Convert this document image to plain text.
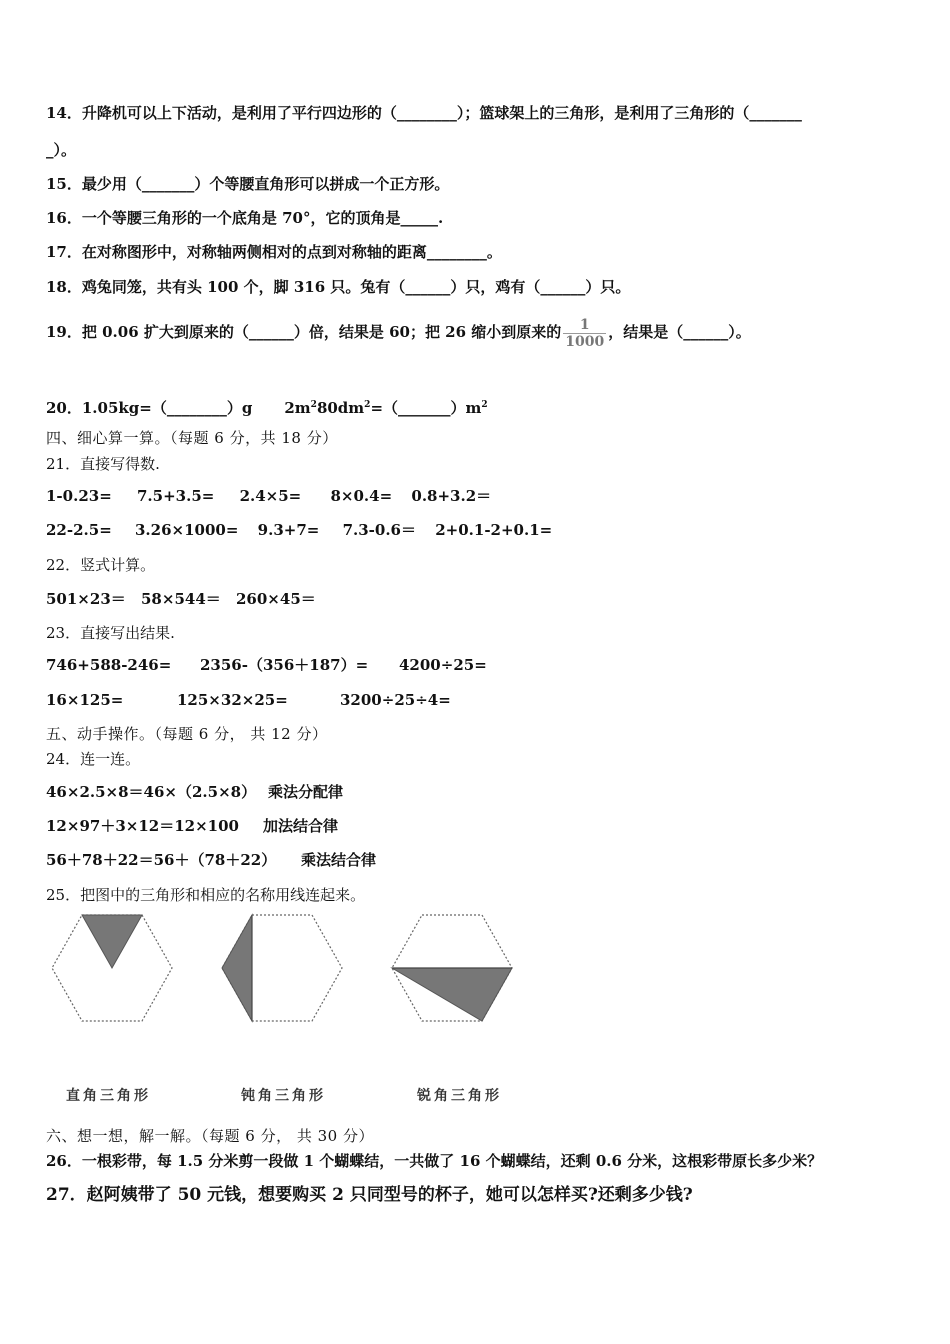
14．升降机可以上下活动，是利用了平行四边形的（________）；篮球架上的三角形，是利用了三角形的（_______
_）。
15．最少用（_______）个等腰直角形可以拼成一个正方形。
16．一个等腰三角形的一个底角是 70°，它的顶角是_____.
17．在对称图形中，对称轴两侧相对的点到对称轴的距离________。
18．鸡兔同笼，共有头 100 个，脚 316 只。兔有（______）只，鸡有（______）只。
19．把 0.06 扩大到原来的（______）倍，结果是 60；把 26 缩小到原来的 $\frac{1}{1000}$ ，结果是（______）。
20．1.05kg=（________）g $2m^280dm^2=(\_\_\_\_\_\_\_)m^2$
四、细心算一算。（每题 6 分，共 18 分）
21．直接写得数.
1-0.23= 7.5+3.5= 2.4×5= 8×0.4= 0.8+3.2＝
22-2.5= 3.26×1000= 9.3+7= 7.3-0.6＝ 2+0.1-2+0.1=
22．竖式计算。
501×23＝ 58×544＝ 260×45＝
23．直接写出结果.
746+588-246= 2356-（356＋187）= 4200÷25=
16×125=	125×32×25=	3200÷25÷4=
五、动手操作。（每题 6 分， 共 12 分）
24．连一连。
46×2.5×8＝46×（2.5×8） 乘法分配律
12×97＋3×12＝12×100 加法结合律
56＋78＋22＝56＋（78＋22） 乘法结合律
25．把图中的三角形和相应的名称用线连起来。
直角三角形	钝角三角形	锐角三角形
六、想一想，解一解。（每题 6 分， 共 30 分）
26．一根彩带，每 1.5 分米剪一段做 1 个蝴蝶结，一共做了 16 个蝴蝶结，还剩 0.6 分米，这根彩带原长多少米？
27．赵阿姨带了 50 元钱，想要购买 2 只同型号的杯子，她可以怎样买?还剩多少钱?
